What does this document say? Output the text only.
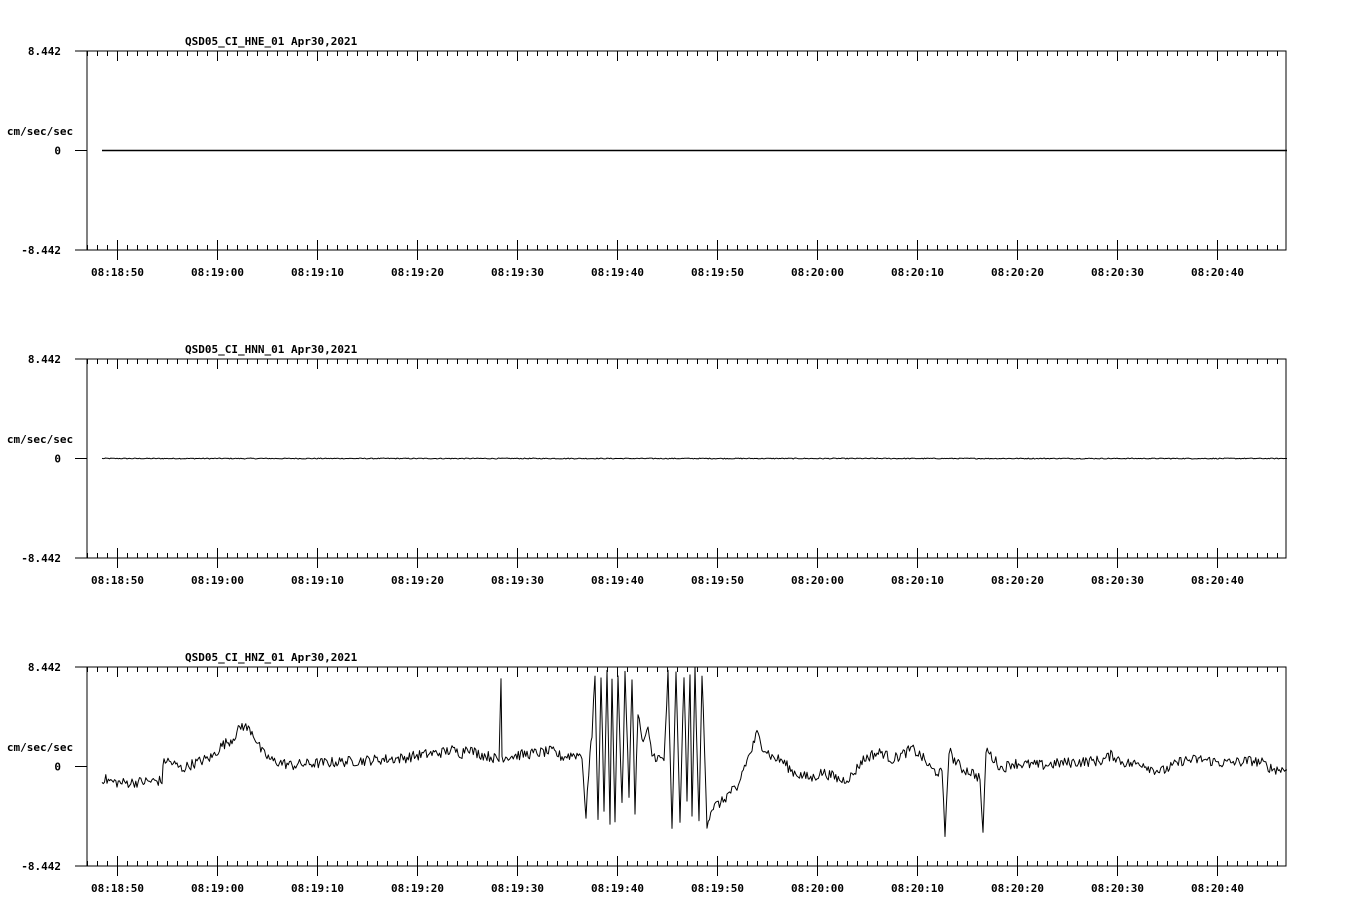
QSD05_CI_HNE_01 Apr30,2021
cm/sec/sec
8.442
0
-8.442
08:18:50	08:19:00	08:19:10	08:19:20	08:19:30	08:19:40	08:19:50	08:20:00	08:20:10	08:20:20	08:20:30	08:20:40
QSD05_CI_HNN_01 Apr30,2021
cm/sec/sec
8.442
0
-8.442
08:18:50	08:19:00	08:19:10	08:19:20	08:19:30	08:19:40	08:19:50	08:20:00	08:20:10	08:20:20	08:20:30	08:20:40
QSD05_CI_HNZ_01 Apr30,2021
cm/sec/sec
8.442
0
-8.442
08:18:50	08:19:00	08:19:10	08:19:20	08:19:30	08:19:40	08:19:50	08:20:00	08:20:10	08:20:20	08:20:30	08:20:40
